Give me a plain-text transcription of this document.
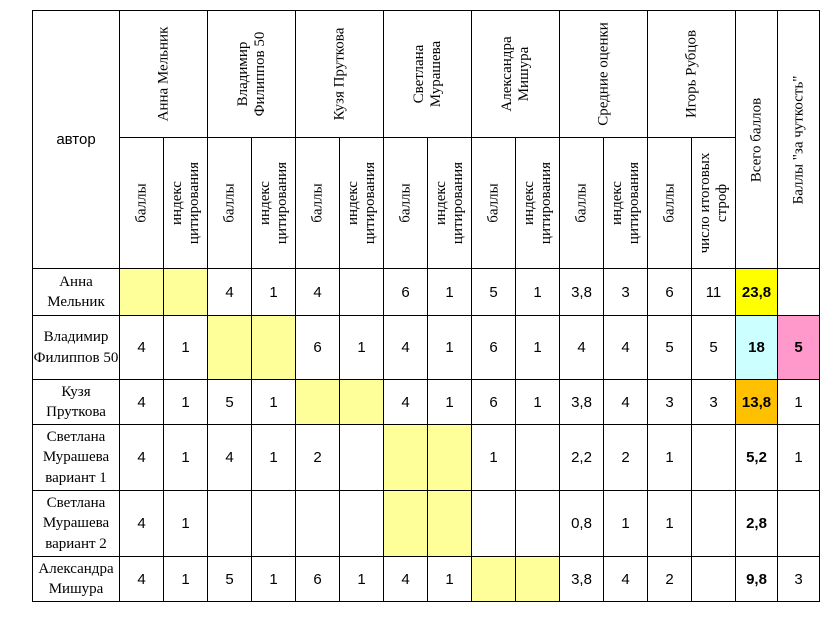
автор	Анна Мельник		Владимир Филиппов 50		Кузя Пруткова		Светлана Мурашева		Александра Мишура		Средние оценки		Игорь Рубцов		Всего баллов	Баллы "за чуткость"

	баллы	индекс цитирования	баллы	индекс цитирования	баллы	индекс цитирования	баллы	индекс цитирования	баллы	индекс цитирования	баллы	индекс цитирования	баллы	число итоговых строф		

Анна Мельник			4	1	4		6	1	5	1	3,8	3	6	11	23,8	
Владимир Филиппов 50	4	1			6	1	4	1	6	1	4	4	5	5	18	5
Кузя Пруткова	4	1	5	1			4	1	6	1	3,8	4	3	3	13,8	1
Светлана Мурашева вариант 1	4	1	4	1	2				1		2,2	2	1		5,2	1
Светлана Мурашева вариант 2	4	1									0,8	1	1		2,8	
Александра Мишура	4	1	5	1	6	1	4	1			3,8	4	2		9,8	3
